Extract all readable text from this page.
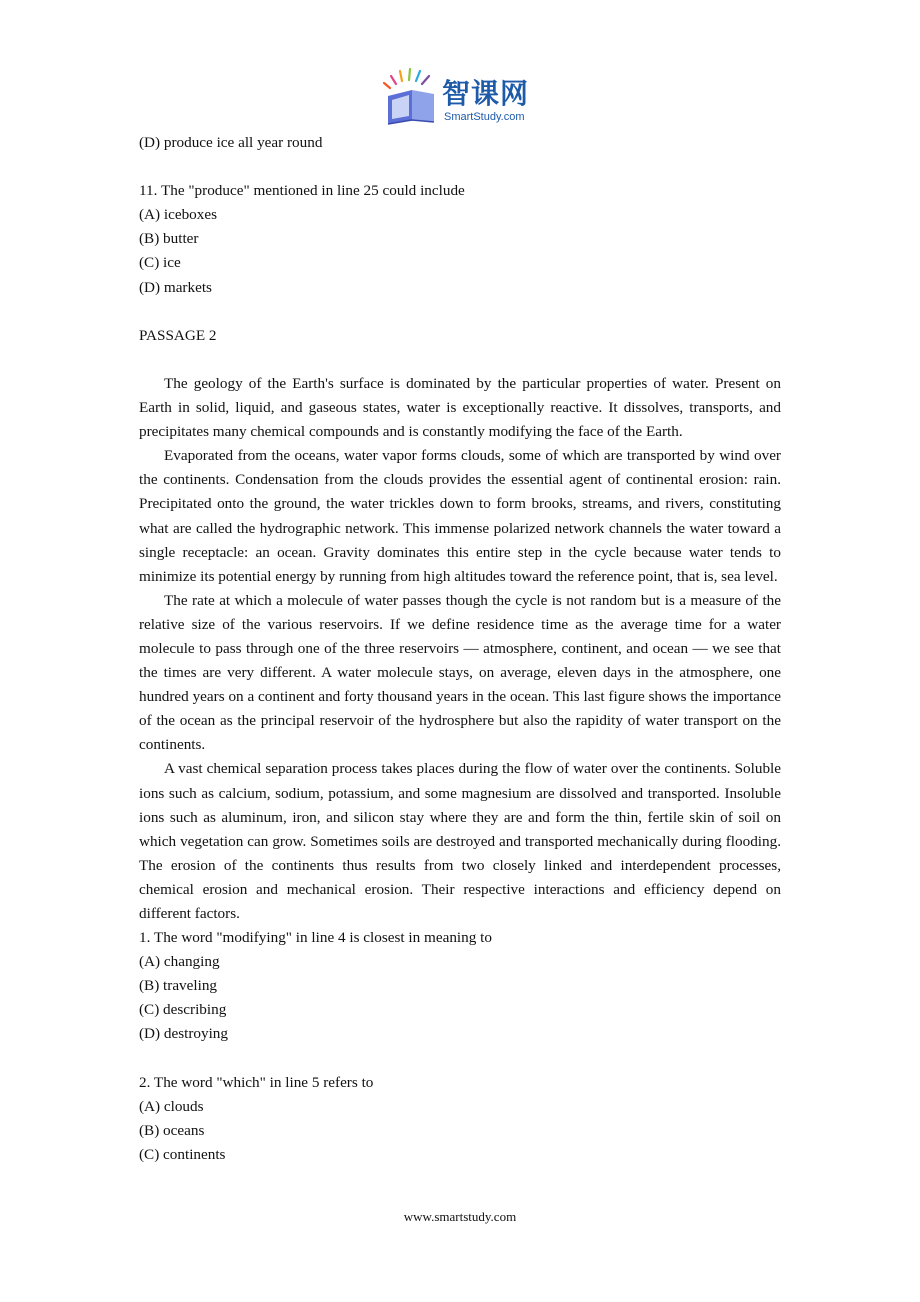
智课网
SmartStudy.com
(D) produce ice all year round
11. The "produce" mentioned in line 25 could include
(A) iceboxes
(B) butter
(C) ice
(D) markets
PASSAGE 2
The geology of the Earth's surface is dominated by the particular properties of water. Present on Earth in solid, liquid, and gaseous states, water is exceptionally reactive. It dissolves, transports, and precipitates many chemical compounds and is constantly modifying the face of the Earth.
Evaporated from the oceans, water vapor forms clouds, some of which are transported by wind over the continents. Condensation from the clouds provides the essential agent of continental erosion: rain. Precipitated onto the ground, the water trickles down to form brooks, streams, and rivers, constituting what are called the hydrographic network. This immense polarized network channels the water toward a single receptacle: an ocean. Gravity dominates this entire step in the cycle because water tends to minimize its potential energy by running from high altitudes toward the reference point, that is, sea level.
The rate at which a molecule of water passes though the cycle is not random but is a measure of the relative size of the various reservoirs. If we define residence time as the average time for a water molecule to pass through one of the three reservoirs — atmosphere, continent, and ocean — we see that the times are very different. A water molecule stays, on average, eleven days in the atmosphere, one hundred years on a continent and forty thousand years in the ocean. This last figure shows the importance of the ocean as the principal reservoir of the hydrosphere but also the rapidity of water transport on the continents.
A vast chemical separation process takes places during the flow of water over the continents. Soluble ions such as calcium, sodium, potassium, and some magnesium are dissolved and transported. Insoluble ions such as aluminum, iron, and silicon stay where they are and form the thin, fertile skin of soil on which vegetation can grow. Sometimes soils are destroyed and transported mechanically during flooding. The erosion of the continents thus results from two closely linked and interdependent processes, chemical erosion and mechanical erosion. Their respective interactions and efficiency depend on different factors.
1. The word "modifying" in line 4 is closest in meaning to
(A) changing
(B) traveling
(C) describing
(D) destroying
2. The word "which" in line 5 refers to
(A) clouds
(B) oceans
(C) continents
www.smartstudy.com
